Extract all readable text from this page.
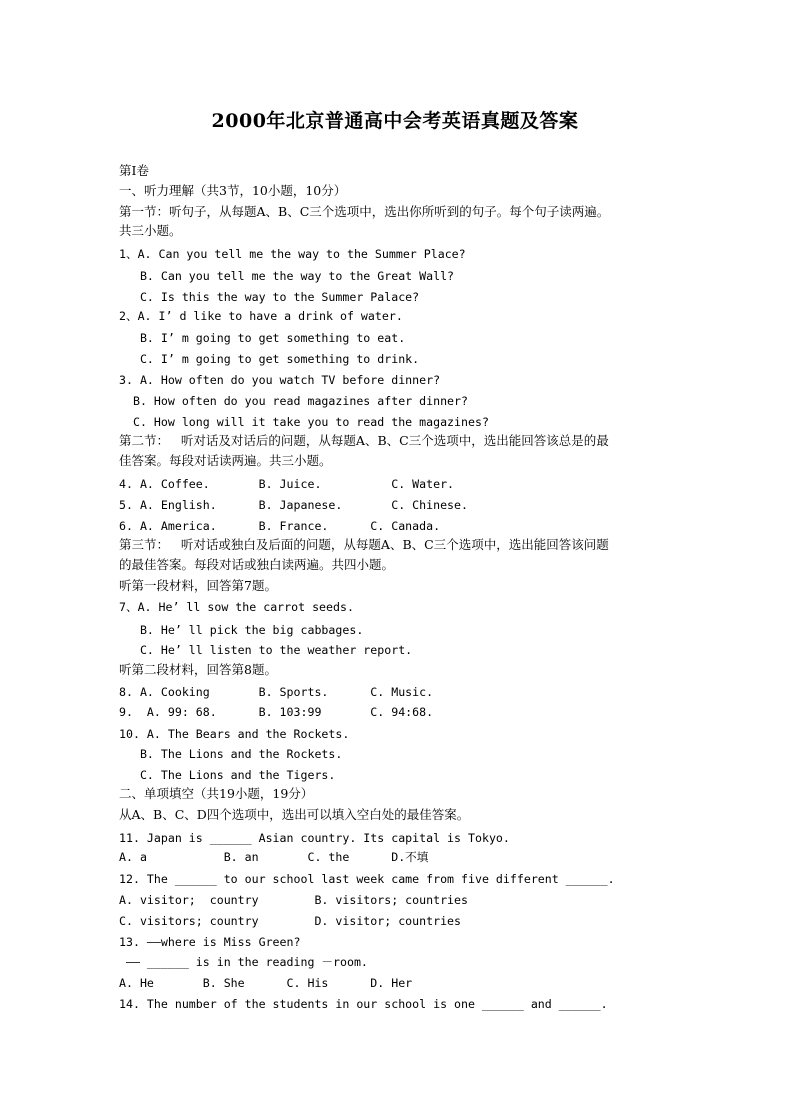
2000年北京普通高中会考英语真题及答案
第Ⅰ卷
一、听力理解（共3节，10小题，10分）
第一节：听句子，从每题A、B、C三个选项中，选出你所听到的句子。每个句子读两遍。
共三小题。
1、A. Can you tell me the way to the Summer Place?
B. Can you tell me the way to the Great Wall?
C. Is this the way to the Summer Palace?
2、A. I’ d like to have a drink of water.
B. I’ m going to get something to eat.
C. I’ m going to get something to drink.
3. A. How often do you watch TV before dinner?
B. How often do you read magazines after dinner?
C. How long will it take you to read the magazines?
第二节：   听对话及对话后的问题，从每题A、B、C三个选项中，选出能回答该总是的最
佳答案。每段对话读两遍。共三小题。
4. A. Coffee.       B. Juice.          C. Water.
5. A. English.      B. Japanese.       C. Chinese.
6. A. America.      B. France.      C. Canada.
第三节：   听对话或独白及后面的问题，从每题A、B、C三个选项中，选出能回答该问题
的最佳答案。每段对话或独白读两遍。共四小题。
听第一段材料，回答第7题。
7、A. He’ ll sow the carrot seeds.
B. He’ ll pick the big cabbages.
C. He’ ll listen to the weather report.
听第二段材料，回答第8题。
8. A. Cooking       B. Sports.      C. Music.
9.  A. 99: 68.      B. 103:99       C. 94:68.
10. A. The Bears and the Rockets.
B. The Lions and the Rockets.
C. The Lions and the Tigers.
二、单项填空（共19小题，19分）
从A、B、C、D四个选项中，选出可以填入空白处的最佳答案。
11. Japan is ______ Asian country. Its capital is Tokyo.
A. a           B. an       C. the      D.不填
12. The ______ to our school last week came from five different ______.
A. visitor;  country        B. visitors; countries
C. visitors; country        D. visitor; countries
13. ——where is Miss Green?
—— ______ is in the reading －room.
A. He       B. She      C. His      D. Her
14. The number of the students in our school is one ______ and ______.
